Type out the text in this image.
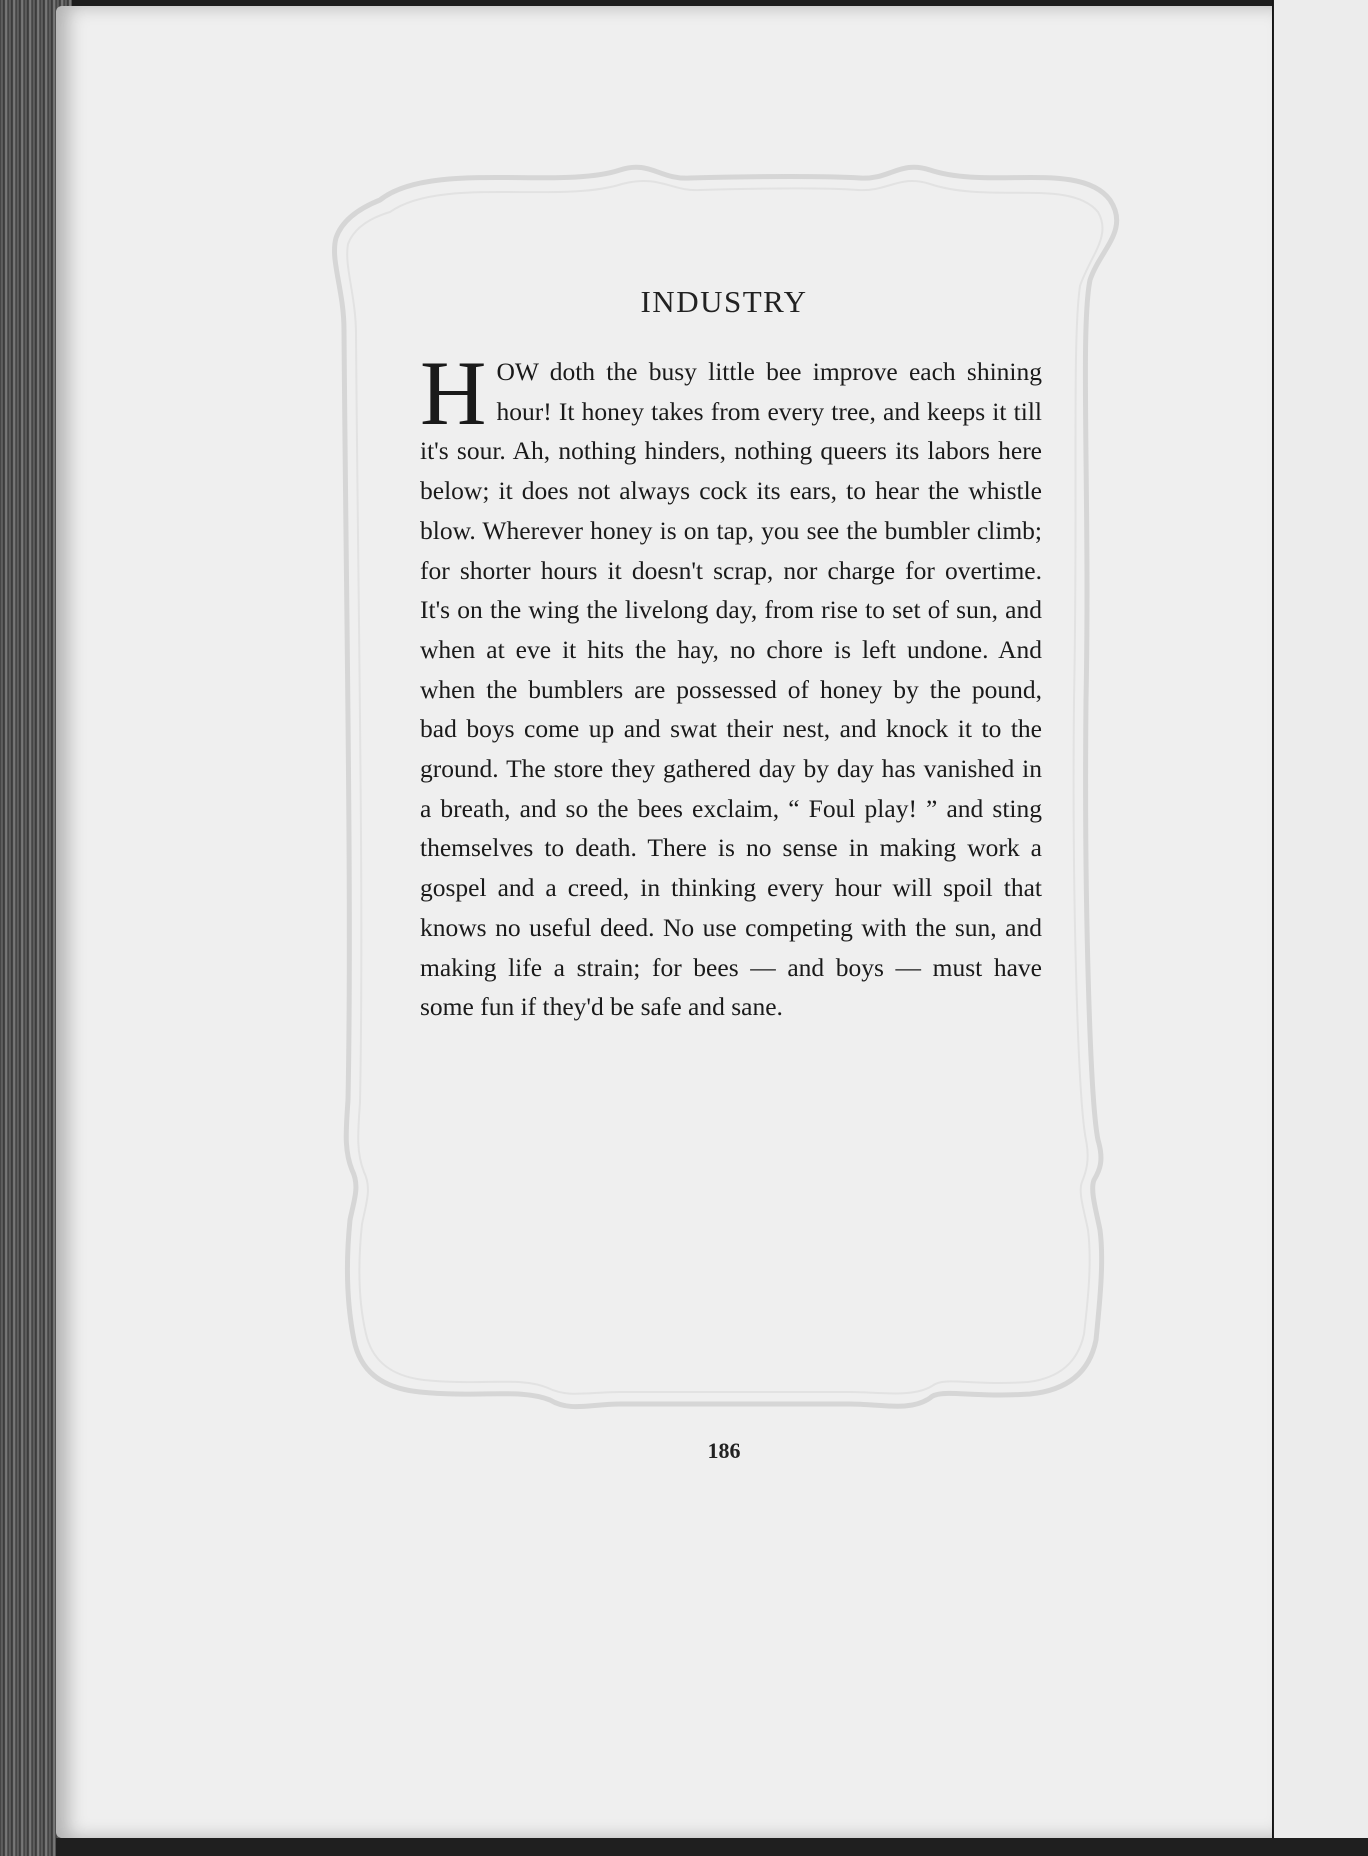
INDUSTRY

HOW doth the busy little bee improve each shining hour! It honey takes from every tree, and keeps it till it's sour. Ah, nothing hinders, nothing queers its labors here below; it does not always cock its ears, to hear the whistle blow. Wherever honey is on tap, you see the bumbler climb; for shorter hours it doesn't scrap, nor charge for overtime. It's on the wing the livelong day, from rise to set of sun, and when at eve it hits the hay, no chore is left undone. And when the bumblers are possessed of honey by the pound, bad boys come up and swat their nest, and knock it to the ground. The store they gathered day by day has vanished in a breath, and so the bees exclaim, “ Foul play! ” and sting themselves to death. There is no sense in making work a gospel and a creed, in thinking every hour will spoil that knows no useful deed. No use competing with the sun, and making life a strain; for bees — and boys — must have some fun if they'd be safe and sane.

186
